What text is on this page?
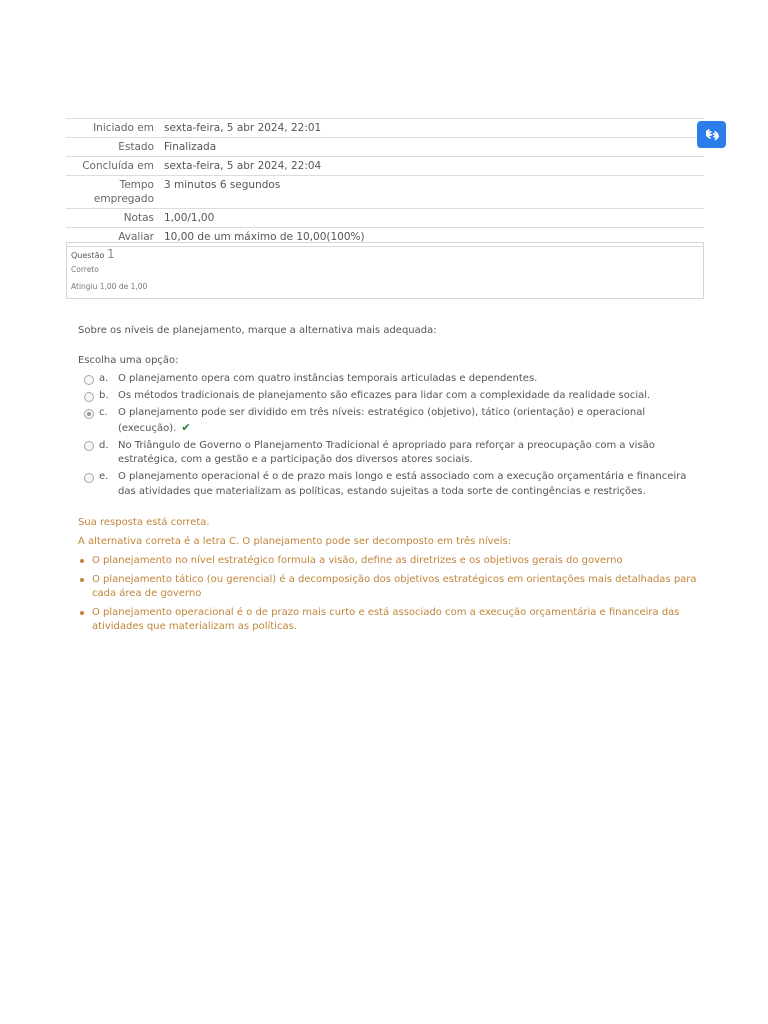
Iniciado em	sexta-feira, 5 abr 2024, 22:01
Estado	Finalizada
Concluída em	sexta-feira, 5 abr 2024, 22:04
Tempo empregado	3 minutos 6 segundos
Notas	1,00/1,00
Avaliar	10,00 de um máximo de 10,00(100%)
Questão 1
Correto
Atingiu 1,00 de 1,00
Sobre os níveis de planejamento, marque a alternativa mais adequada:
Escolha uma opção:
a. O planejamento opera com quatro instâncias temporais articuladas e dependentes.
b. Os métodos tradicionais de planejamento são eficazes para lidar com a complexidade da realidade social.
c.	O planejamento pode ser dividido em três níveis: estratégico (objetivo), tático (orientação) e operacional (execução). ✔
d. No Triângulo de Governo o Planejamento Tradicional é apropriado para reforçar a preocupação com a visão estratégica, com a gestão e a participação dos diversos atores sociais.
e. O planejamento operacional é o de prazo mais longo e está associado com a execução orçamentária e financeira das atividades que materializam as políticas, estando sujeitas a toda sorte de contingências e restrições.
Sua resposta está correta.
A alternativa correta é a letra C. O planejamento pode ser decomposto em três níveis:
O planejamento no nível estratégico formula a visão, define as diretrizes e os objetivos gerais do governo
O planejamento tático (ou gerencial) é a decomposição dos objetivos estratégicos em orientações mais detalhadas para cada área de governo
O planejamento operacional é o de prazo mais curto e está associado com a execução orçamentária e financeira das atividades que materializam as políticas.
